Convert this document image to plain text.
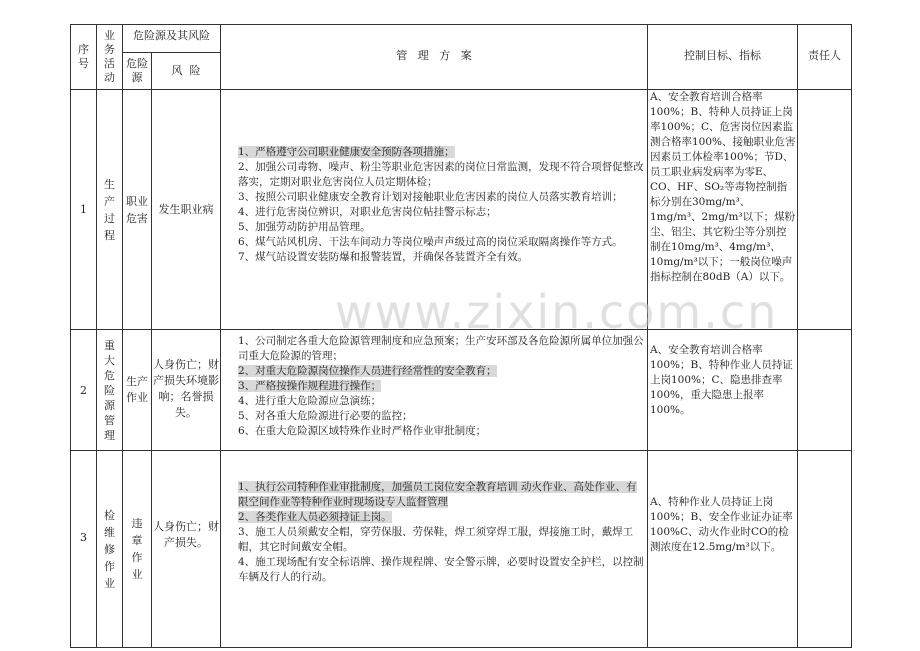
序号
业务活动
危险源及其风险
危险源
风  险
管   理   方   案	控制目标、指标	责任人
1
生产过程
职业危害
发生职业病
1、严格遵守公司职业健康安全预防各项措施；
2、加强公司毒物、噪声、粉尘等职业危害因素的岗位日常监测，发现不符合项督促整改落实，定期对职业危害岗位人员定期体检；
3、按照公司职业健康安全教育计划对接触职业危害因素的岗位人员落实教育培训；
4、进行危害岗位辨识，对职业危害岗位帖挂警示标志；
5、加强劳动防护用品管理。
6、煤气站风机房、干法车间动力等岗位噪声声级过高的岗位采取隔离操作等方式。
7、煤气站设置安装防爆和报警装置，并确保各装置齐全有效。
A、安全教育培训合格率100%；B、特种人员持证上岗率100%；C、危害岗位因素监测合格率100%、接触职业危害因素员工体检率100%；节D、员工职业病发病率为零E、CO、HF、SO₂等毒物控制指标分别在30mg/m³、1mg/m³、2mg/m³以下；煤粉尘、铝尘、其它粉尘等分别控制在10mg/m³、4mg/m³、10mg/m³以下；一般岗位噪声指标控制在80dB（A）以下。
2
重大危险源管理
生产作业
人身伤亡；财产损失环境影响；名誉损失。
1、公司制定各重大危险源管理制度和应急预案；生产安环部及各危险源所属单位加强公司重大危险源的管理；
2、对重大危险源岗位操作人员进行经常性的安全教育；
3、严格按操作规程进行操作；
4、进行重大危险源应急演练；
5、对各重大危险源进行必要的监控；
6、在重大危险源区域特殊作业时严格作业审批制度；
A、安全教育培训合格率100%；B、特种作业人员持证上岗100%；C、隐患排查率100%，重大隐患上报率100%。
3
检维修作业
违章作业
人身伤亡；财产损失。
1、执行公司特种作业审批制度，加强员工岗位安全教育培训 动火作业、高处作业、有限空间作业等特种作业时现场设专人监督管理
2、各类作业人员必须持证上岗。
3、施工人员须戴安全帽，穿劳保服、劳保鞋，焊工须穿焊工服，焊接施工时，戴焊工帽，其它时间戴安全帽。
4、施工现场配有安全标语牌、操作规程牌、安全警示牌，必要时设置安全护栏，以控制车辆及行人的行动。
A、特种作业人员持证上岗100%；B、安全作业证办证率100%C、动火作业时CO的检测浓度在12.5mg/m³以下。
www.zixin.com.cn
